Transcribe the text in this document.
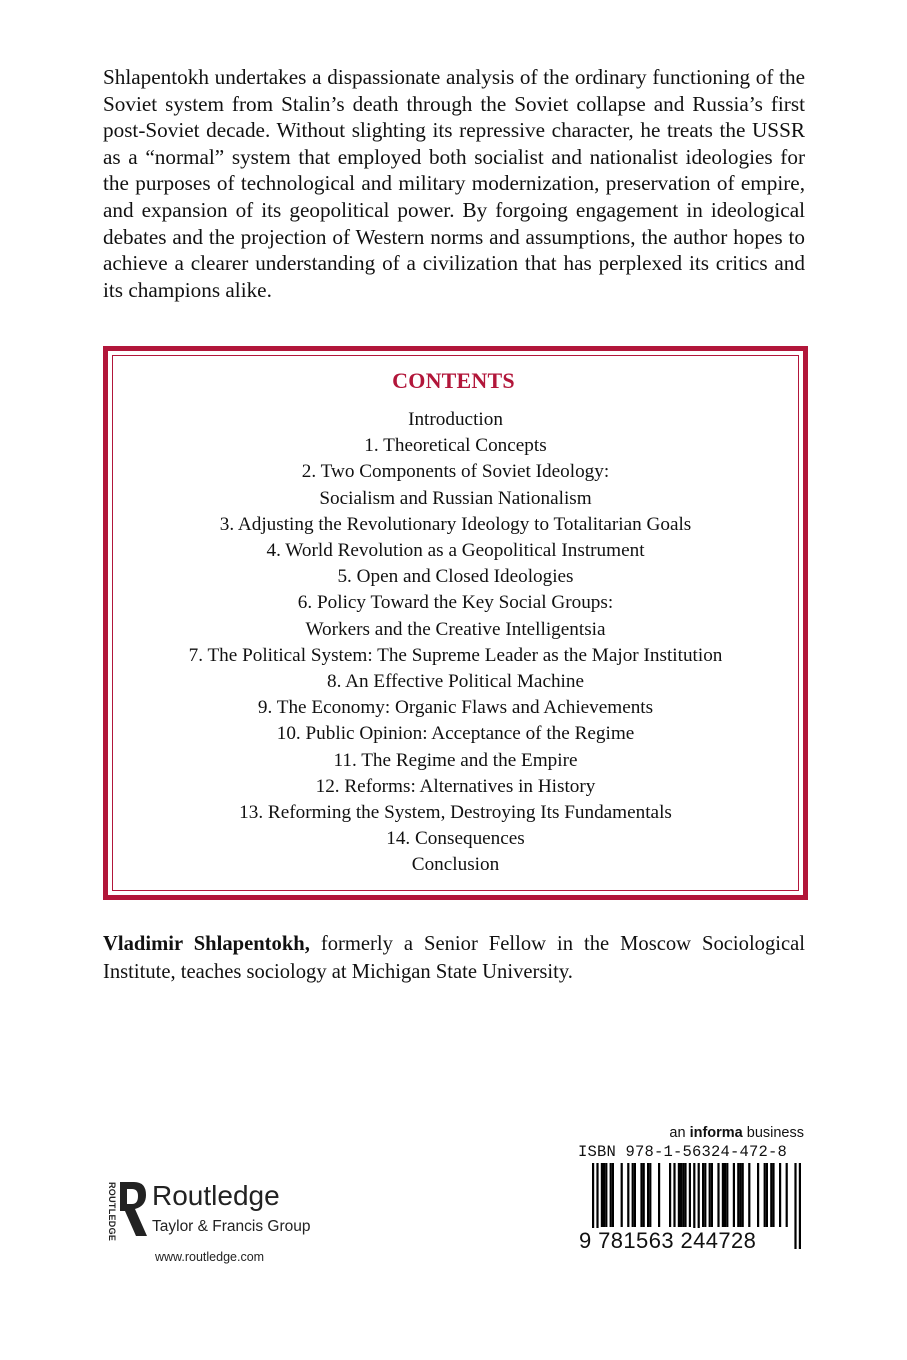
Shlapentokh undertakes a dispassionate analysis of the ordinary functioning of the Soviet system from Stalin’s death through the Soviet collapse and Russia’s first post-Soviet decade. Without slighting its repressive character, he treats the USSR as a “normal” system that employed both socialist and nationalist ideologies for the purposes of technological and military modernization, preservation of empire, and expansion of its geopolitical power. By forgoing engagement in ideological debates and the projection of Western norms and assumptions, the author hopes to achieve a clearer understanding of a civilization that has perplexed its critics and its champions alike.

CONTENTS
Introduction
1. Theoretical Concepts
2. Two Components of Soviet Ideology:
Socialism and Russian Nationalism
3. Adjusting the Revolutionary Ideology to Totalitarian Goals
4. World Revolution as a Geopolitical Instrument
5. Open and Closed Ideologies
6. Policy Toward the Key Social Groups:
Workers and the Creative Intelligentsia
7. The Political System: The Supreme Leader as the Major Institution
8. An Effective Political Machine
9. The Economy: Organic Flaws and Achievements
10. Public Opinion: Acceptance of the Regime
11. The Regime and the Empire
12. Reforms: Alternatives in History
13. Reforming the System, Destroying Its Fundamentals
14. Consequences
Conclusion

Vladimir Shlapentokh, formerly a Senior Fellow in the Moscow Sociological Institute, teaches sociology at Michigan State University.

ROUTLEDGE Routledge
Taylor & Francis Group
www.routledge.com
an informa business
ISBN 978-1-56324-472-8
9 781563 244728
